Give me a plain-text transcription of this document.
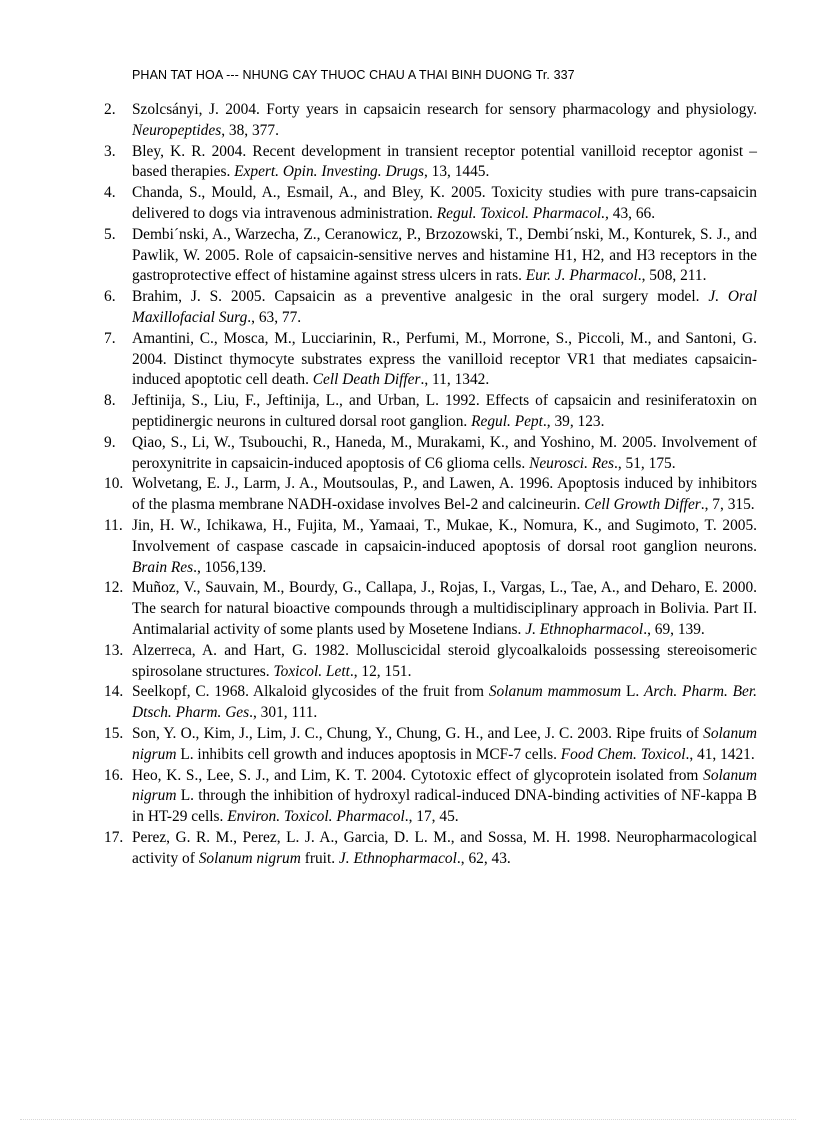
PHAN TAT HOA --- NHUNG CAY THUOC CHAU A THAI BINH DUONG Tr. 337
2.	Szolcsányi, J. 2004. Forty years in capsaicin research for sensory pharmacology and physiology. Neuropeptides, 38, 377.
3.	Bley, K. R. 2004. Recent development in transient receptor potential vanilloid receptor agonist – based therapies. Expert. Opin. Investing. Drugs, 13, 1445.
4.	Chanda, S., Mould, A., Esmail, A., and Bley, K. 2005. Toxicity studies with pure trans-capsaicin delivered to dogs via intravenous administration. Regul. Toxicol. Pharmacol., 43, 66.
5.	Dembi´nski, A., Warzecha, Z., Ceranowicz, P., Brzozowski, T., Dembi´nski, M., Konturek, S. J., and Pawlik, W. 2005. Role of capsaicin-sensitive nerves and histamine H1, H2, and H3 receptors in the gastroprotective effect of histamine against stress ulcers in rats. Eur. J. Pharmacol., 508, 211.
6.	Brahim, J. S. 2005. Capsaicin as a preventive analgesic in the oral surgery model. J. Oral Maxillofacial Surg., 63, 77.
7.	Amantini, C., Mosca, M., Lucciarinin, R., Perfumi, M., Morrone, S., Piccoli, M., and Santoni, G. 2004. Distinct thymocyte substrates express the vanilloid receptor VR1 that mediates capsaicin-induced apoptotic cell death. Cell Death Differ., 11, 1342.
8.	Jeftinija, S., Liu, F., Jeftinija, L., and Urban, L. 1992. Effects of capsaicin and resiniferatoxin on peptidinergic neurons in cultured dorsal root ganglion. Regul. Pept., 39, 123.
9.	Qiao, S., Li, W., Tsubouchi, R., Haneda, M., Murakami, K., and Yoshino, M. 2005. Involvement of peroxynitrite in capsaicin-induced apoptosis of C6 glioma cells. Neurosci. Res., 51, 175.
10. Wolvetang, E. J., Larm, J. A., Moutsoulas, P., and Lawen, A. 1996. Apoptosis induced by inhibitors of the plasma membrane NADH-oxidase involves Bel-2 and calcineurin. Cell Growth Differ., 7, 315.
11. Jin, H. W., Ichikawa, H., Fujita, M., Yamaai, T., Mukae, K., Nomura, K., and Sugimoto, T. 2005. Involvement of caspase cascade in capsaicin-induced apoptosis of dorsal root ganglion neurons. Brain Res., 1056,139.
12. Muñoz, V., Sauvain, M., Bourdy, G., Callapa, J., Rojas, I., Vargas, L., Tae, A., and Deharo, E. 2000. The search for natural bioactive compounds through a multidisciplinary approach in Bolivia. Part II. Antimalarial activity of some plants used by Mosetene Indians. J. Ethnopharmacol., 69, 139.
13. Alzerreca, A. and Hart, G. 1982. Molluscicidal steroid glycoalkaloids possessing stereoisomeric spirosolane structures. Toxicol. Lett., 12, 151.
14. Seelkopf, C. 1968. Alkaloid glycosides of the fruit from Solanum mammosum L. Arch. Pharm. Ber. Dtsch. Pharm. Ges., 301, 111.
15. Son, Y. O., Kim, J., Lim, J. C., Chung, Y., Chung, G. H., and Lee, J. C. 2003. Ripe fruits of Solanum nigrum L. inhibits cell growth and induces apoptosis in MCF-7 cells. Food Chem. Toxicol., 41, 1421.
16. Heo, K. S., Lee, S. J., and Lim, K. T. 2004. Cytotoxic effect of glycoprotein isolated from Solanum nigrum L. through the inhibition of hydroxyl radical-induced DNA-binding activities of NF-kappa B in HT-29 cells. Environ. Toxicol. Pharmacol., 17, 45.
17. Perez, G. R. M., Perez, L. J. A., Garcia, D. L. M., and Sossa, M. H. 1998. Neuropharmacological activity of Solanum nigrum fruit. J. Ethnopharmacol., 62, 43.
